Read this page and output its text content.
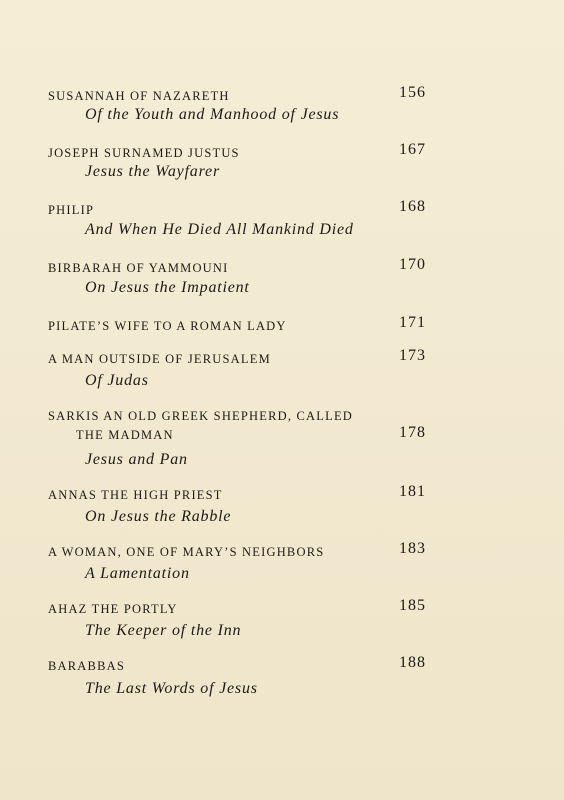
SUSANNAH OF NAZARETH	156
Of the Youth and Manhood of Jesus
JOSEPH SURNAMED JUSTUS	167
Jesus the Wayfarer
PHILIP	168
And When He Died All Mankind Died
BIRBARAH OF YAMMOUNI	170
On Jesus the Impatient
PILATE’S WIFE TO A ROMAN LADY	171
A MAN OUTSIDE OF JERUSALEM	173
Of Judas
SARKIS AN OLD GREEK SHEPHERD, CALLED
THE MADMAN	178
Jesus and Pan
ANNAS THE HIGH PRIEST	181
On Jesus the Rabble
A WOMAN, ONE OF MARY’S NEIGHBORS	183
A Lamentation
AHAZ THE PORTLY	185
The Keeper of the Inn
BARABBAS	188
The Last Words of Jesus
